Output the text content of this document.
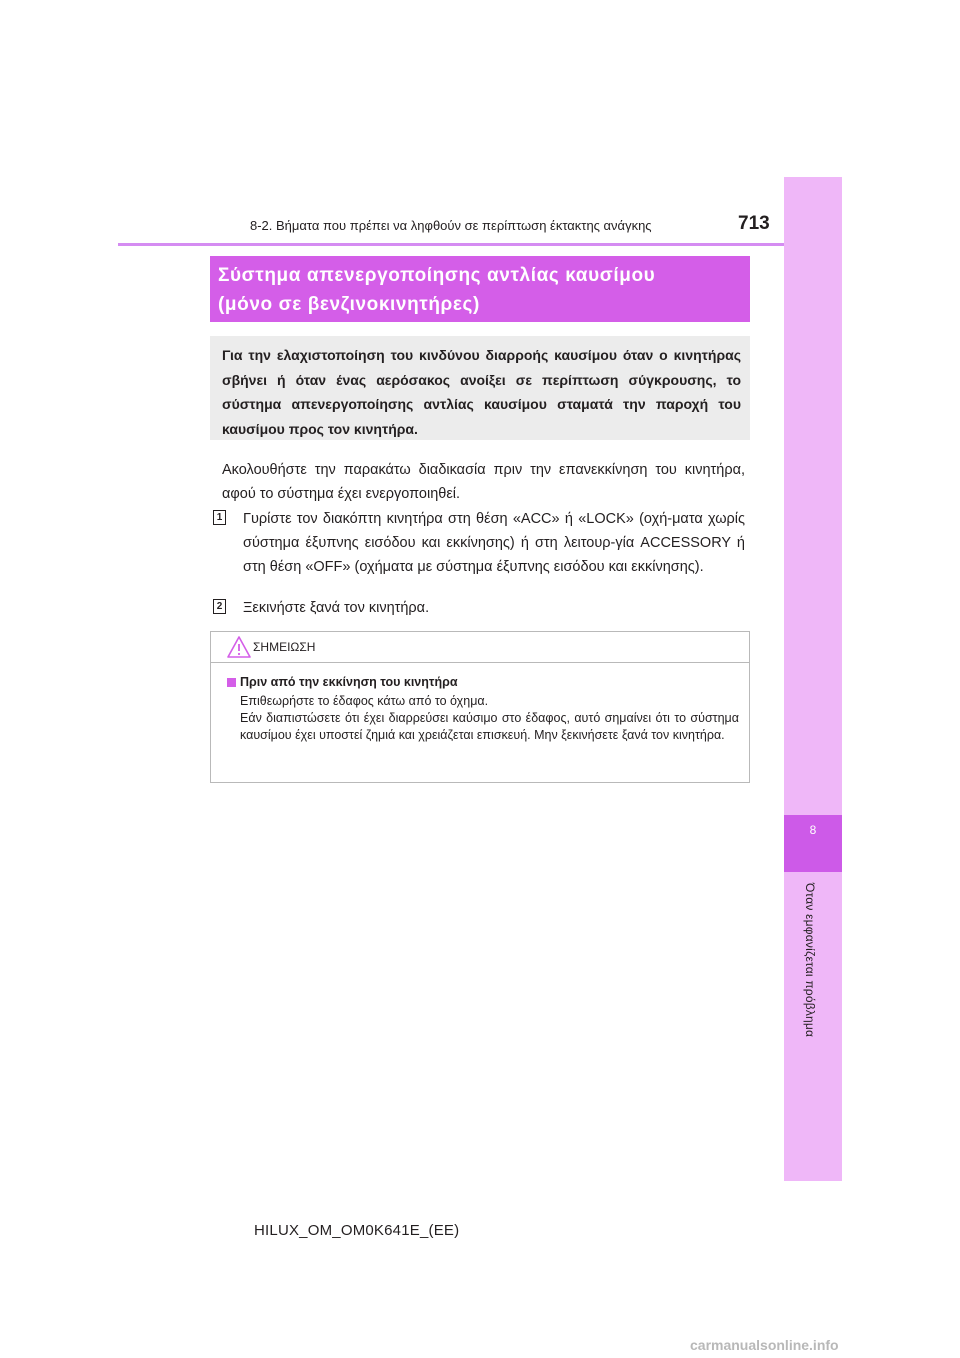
8-2. Βήματα που πρέπει να ληφθούν σε περίπτωση έκτακτης ανάγκης	713
8
Όταν εμφανίζεται πρόβλημα
Σύστημα απενεργοποίησης αντλίας καυσίμου
(μόνο σε βενζινοκινητήρες)
Για την ελαχιστοποίηση του κινδύνου διαρροής καυσίμου όταν ο κινητήρας σβήνει ή όταν ένας αερόσακος ανοίξει σε περίπτωση σύγκρουσης, το σύστημα απενεργοποίησης αντλίας καυσίμου σταματά την παροχή του καυσίμου προς τον κινητήρα.
Ακολουθήστε την παρακάτω διαδικασία πριν την επανεκκίνηση του κινητήρα, αφού το σύστημα έχει ενεργοποιηθεί.
1 Γυρίστε τον διακόπτη κινητήρα στη θέση «ACC» ή «LOCK» (οχή-ματα χωρίς σύστημα έξυπνης εισόδου και εκκίνησης) ή στη λειτουρ-γία ACCESSORY ή στη θέση «OFF» (οχήματα με σύστημα έξυπνης εισόδου και εκκίνησης).
2 Ξεκινήστε ξανά τον κινητήρα.
ΣΗΜΕΙΩΣΗ
Πριν από την εκκίνηση του κινητήρα
Επιθεωρήστε το έδαφος κάτω από το όχημα.
Εάν διαπιστώσετε ότι έχει διαρρεύσει καύσιμο στο έδαφος, αυτό σημαίνει ότι το σύστημα καυσίμου έχει υποστεί ζημιά και χρειάζεται επισκευή. Μην ξεκινήσετε ξανά τον κινητήρα.
HILUX_OM_OM0K641E_(EE)
carmanualsonline.info
